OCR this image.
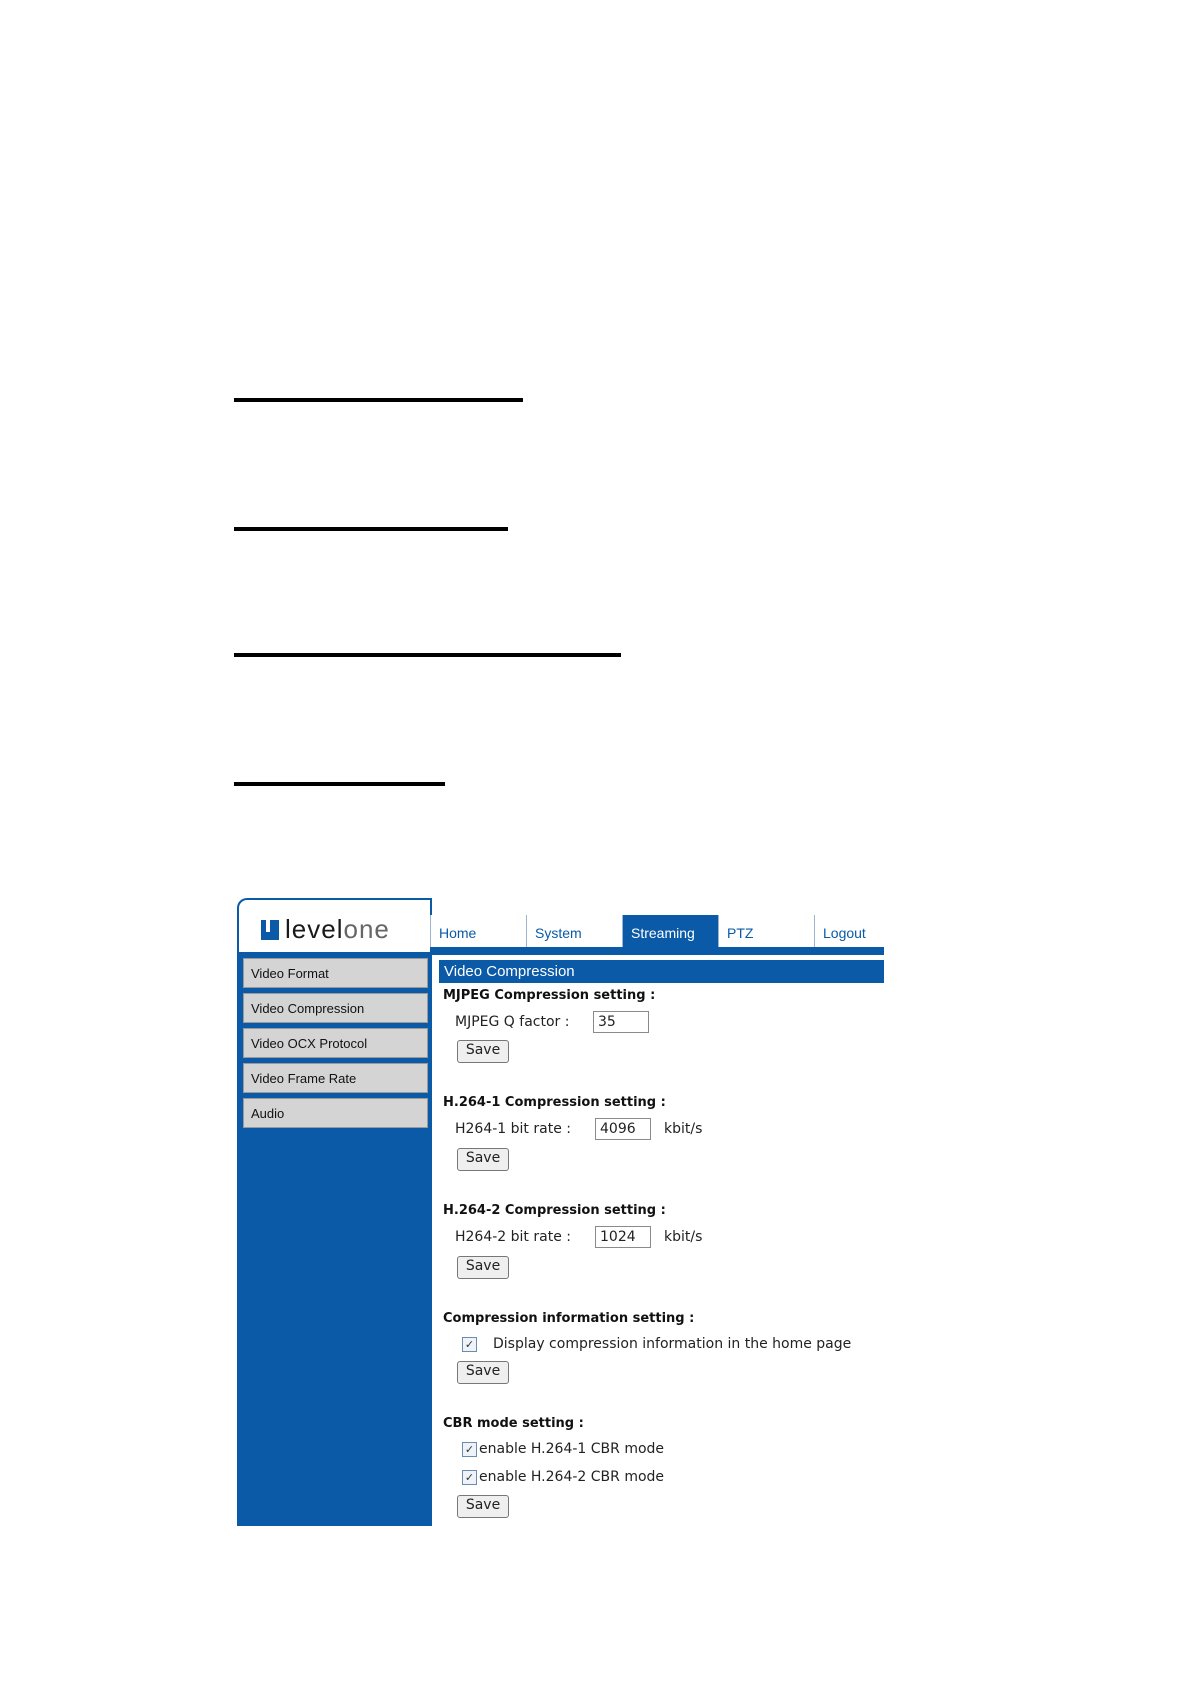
levelone	Home	System	Streaming	PTZ	Logout
Video Format
Video Compression
Video OCX Protocol
Video Frame Rate
Audio
Video Compression
MJPEG Compression setting :
MJPEG Q factor :	35
Save
H.264-1 Compression setting :
H264-1 bit rate :	4096	kbit/s
Save
H.264-2 Compression setting :
H264-2 bit rate :	1024	kbit/s
Save
Compression information setting :
✓ Display compression information in the home page
Save
CBR mode setting :
✓ enable H.264-1 CBR mode
✓ enable H.264-2 CBR mode
Save
